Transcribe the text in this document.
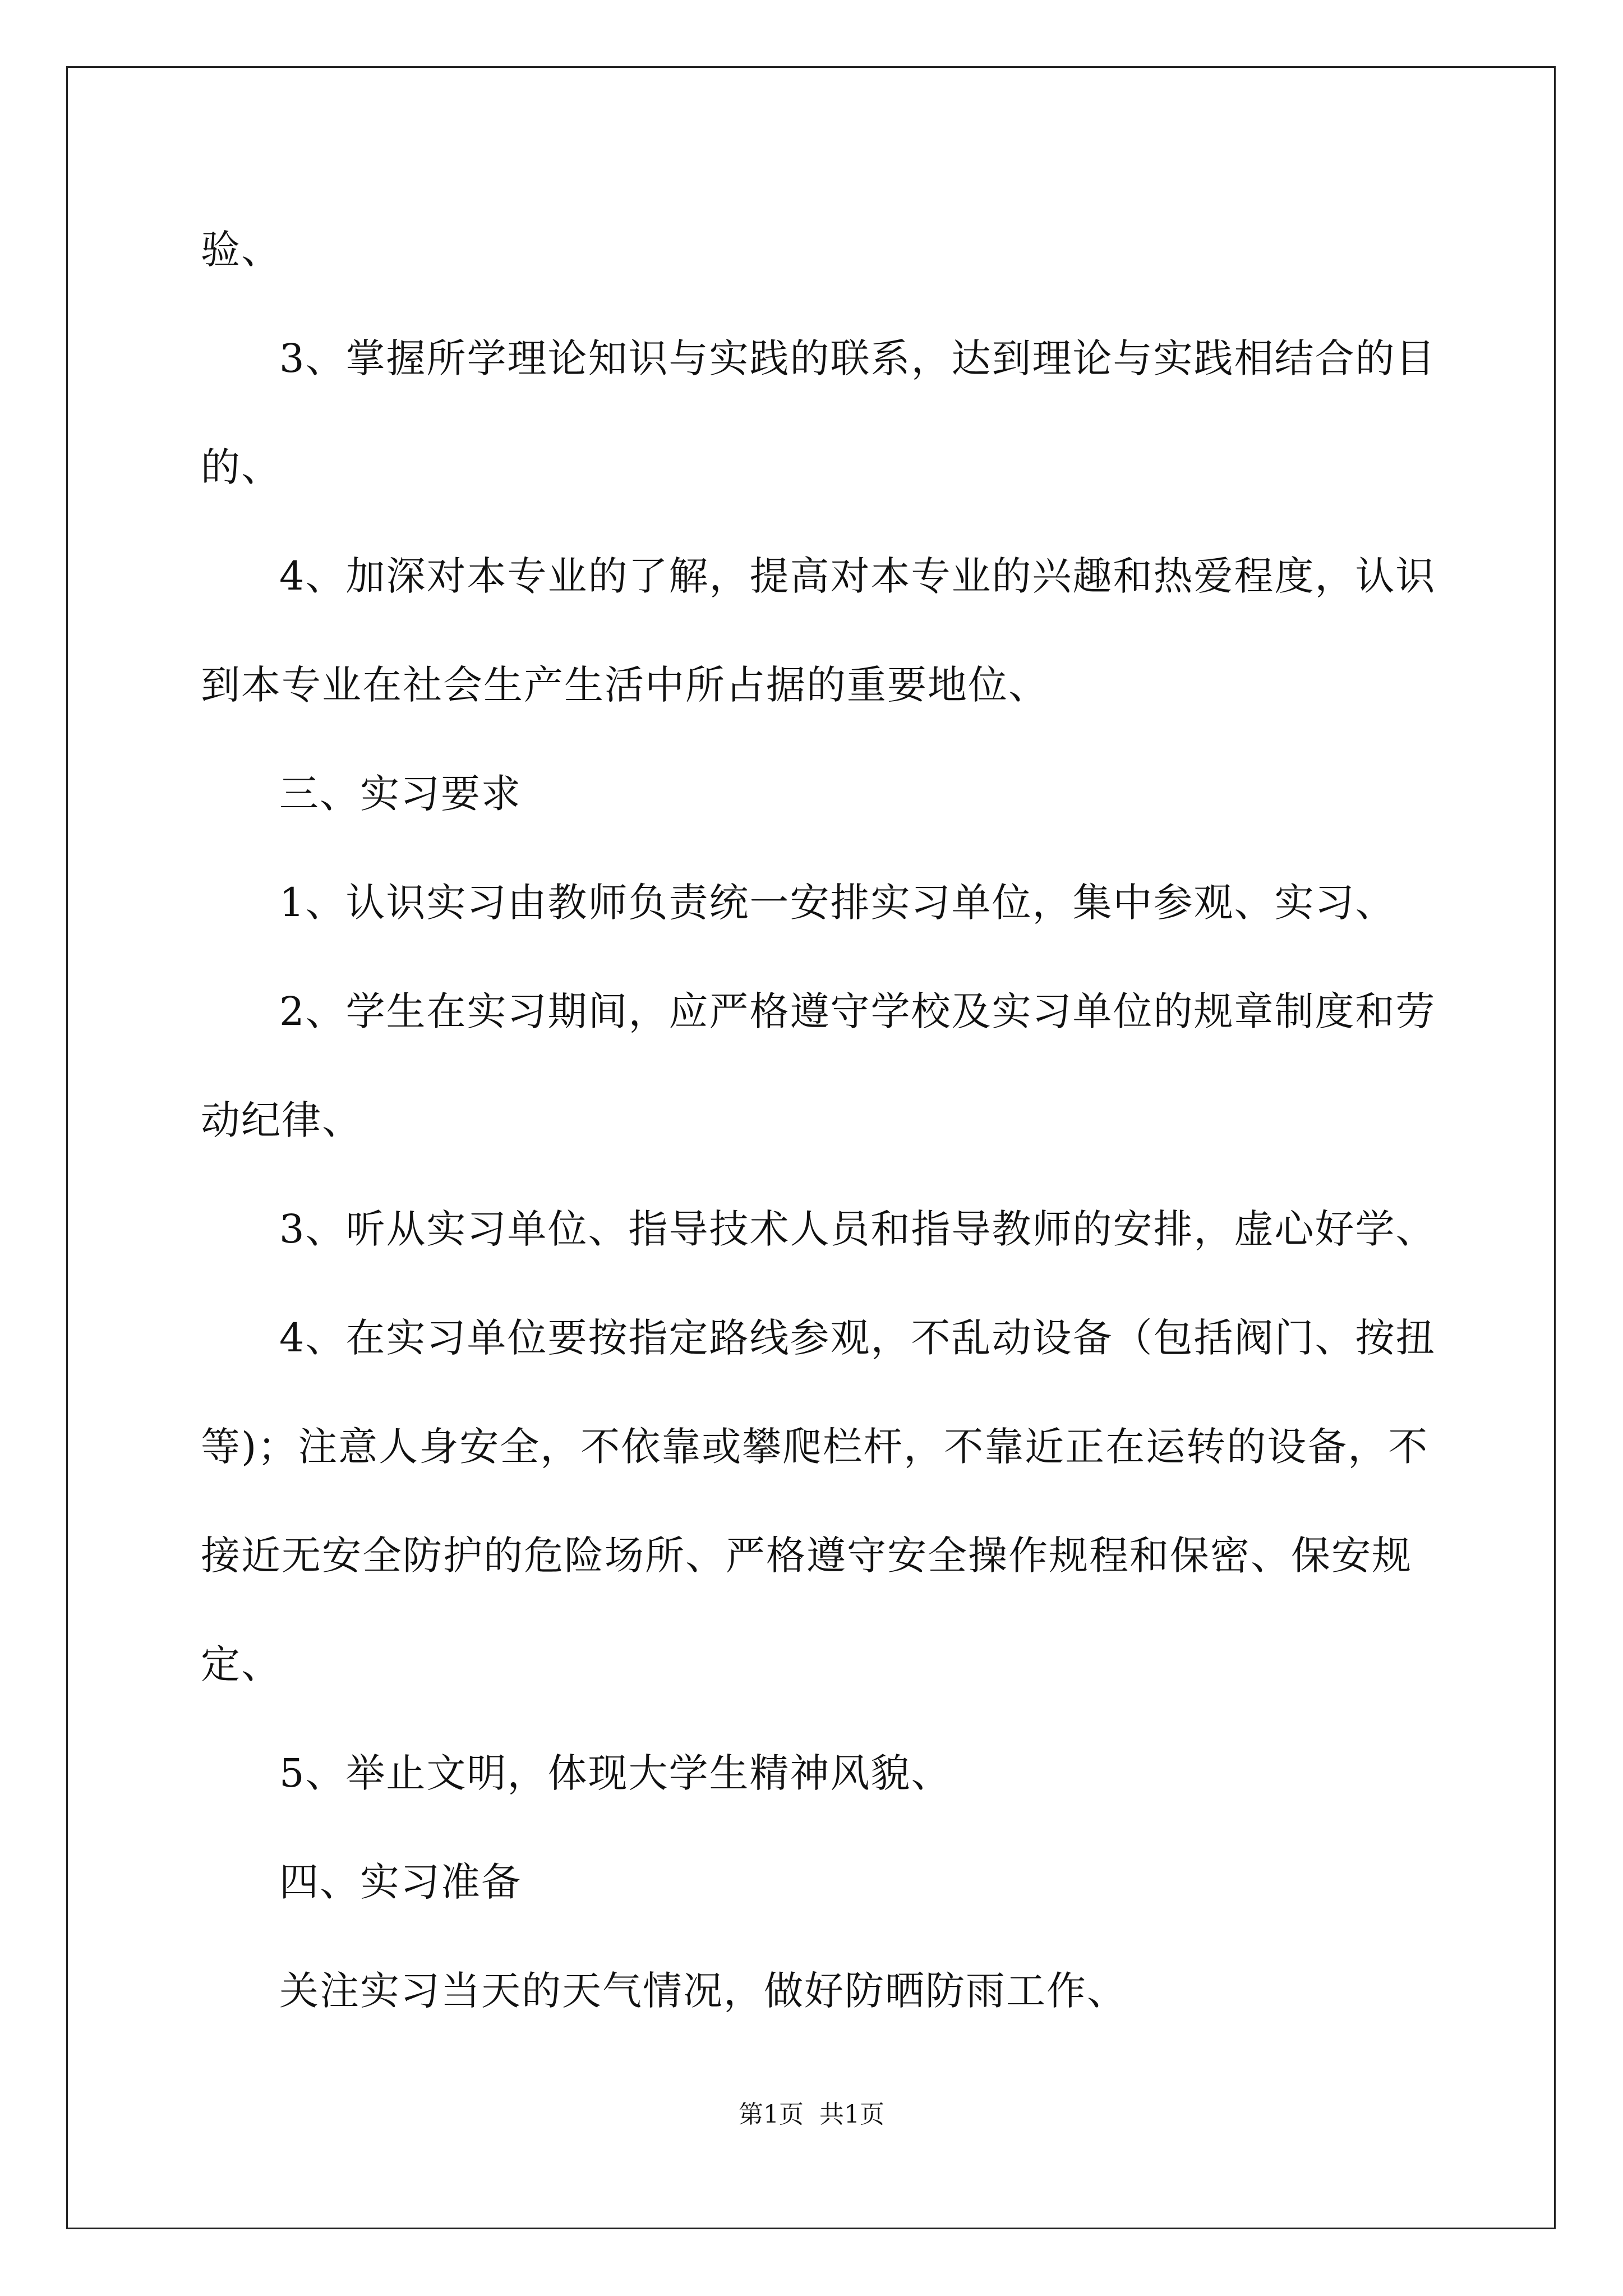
验、
3、掌握所学理论知识与实践的联系，达到理论与实践相结合的目
的、
4、加深对本专业的了解，提高对本专业的兴趣和热爱程度，认识
到本专业在社会生产生活中所占据的重要地位、
三、实习要求
1、认识实习由教师负责统一安排实习单位，集中参观、实习、
2、学生在实习期间，应严格遵守学校及实习单位的规章制度和劳
动纪律、
3、听从实习单位、指导技术人员和指导教师的安排，虚心好学、
4、在实习单位要按指定路线参观，不乱动设备（包括阀门、按扭
等)；注意人身安全，不依靠或攀爬栏杆，不靠近正在运转的设备，不
接近无安全防护的危险场所、严格遵守安全操作规程和保密、保安规
定、
5、举止文明，体现大学生精神风貌、
四、实习准备
关注实习当天的天气情况，做好防晒防雨工作、
第1页 共1页
